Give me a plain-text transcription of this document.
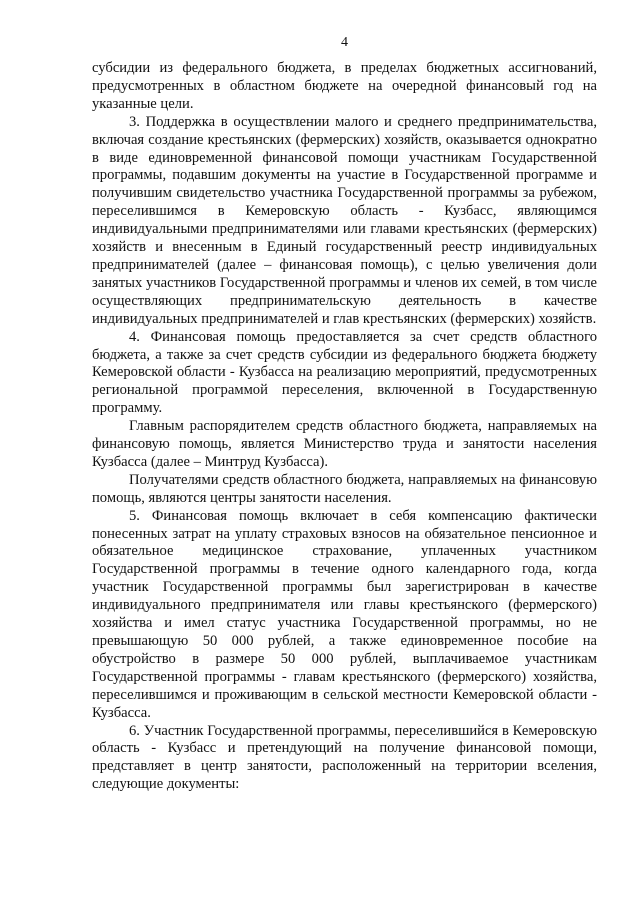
4

субсидии из федерального бюджета, в пределах бюджетных ассигнований, предусмотренных в областном бюджете на очередной финансовый год на указанные цели.

3. Поддержка в осуществлении малого и среднего предпринимательства, включая создание крестьянских (фермерских) хозяйств, оказывается однократно в виде единовременной финансовой помощи участникам Государственной программы, подавшим документы на участие в Государственной программе и получившим свидетельство участника Государственной программы за рубежом, переселившимся в Кемеровскую область - Кузбасс, являющимся индивидуальными предпринимателями или главами крестьянских (фермерских) хозяйств и внесенным в Единый государственный реестр индивидуальных предпринимателей (далее – финансовая помощь), с целью увеличения доли занятых участников Государственной программы и членов их семей, в том числе осуществляющих предпринимательскую деятельность в качестве индивидуальных предпринимателей и глав крестьянских (фермерских) хозяйств.

4. Финансовая помощь предоставляется за счет средств областного бюджета, а также за счет средств субсидии из федерального бюджета бюджету Кемеровской области - Кузбасса на реализацию мероприятий, предусмотренных региональной программой переселения, включенной в Государственную программу.

Главным распорядителем средств областного бюджета, направляемых на финансовую помощь, является Министерство труда и занятости населения Кузбасса (далее – Минтруд Кузбасса).

Получателями средств областного бюджета, направляемых на финансовую помощь, являются центры занятости населения.

5. Финансовая помощь включает в себя компенсацию фактически понесенных затрат на уплату страховых взносов на обязательное пенсионное и обязательное медицинское страхование, уплаченных участником Государственной программы в течение одного календарного года, когда участник Государственной программы был зарегистрирован в качестве индивидуального предпринимателя или главы крестьянского (фермерского) хозяйства и имел статус участника Государственной программы, но не превышающую 50 000 рублей, а также единовременное пособие на обустройство в размере 50 000 рублей, выплачиваемое участникам Государственной программы - главам крестьянского (фермерского) хозяйства, переселившимся и проживающим в сельской местности Кемеровской области - Кузбасса.

6. Участник Государственной программы, переселившийся в Кемеровскую область - Кузбасс и претендующий на получение финансовой помощи, представляет в центр занятости, расположенный на территории вселения, следующие документы:
